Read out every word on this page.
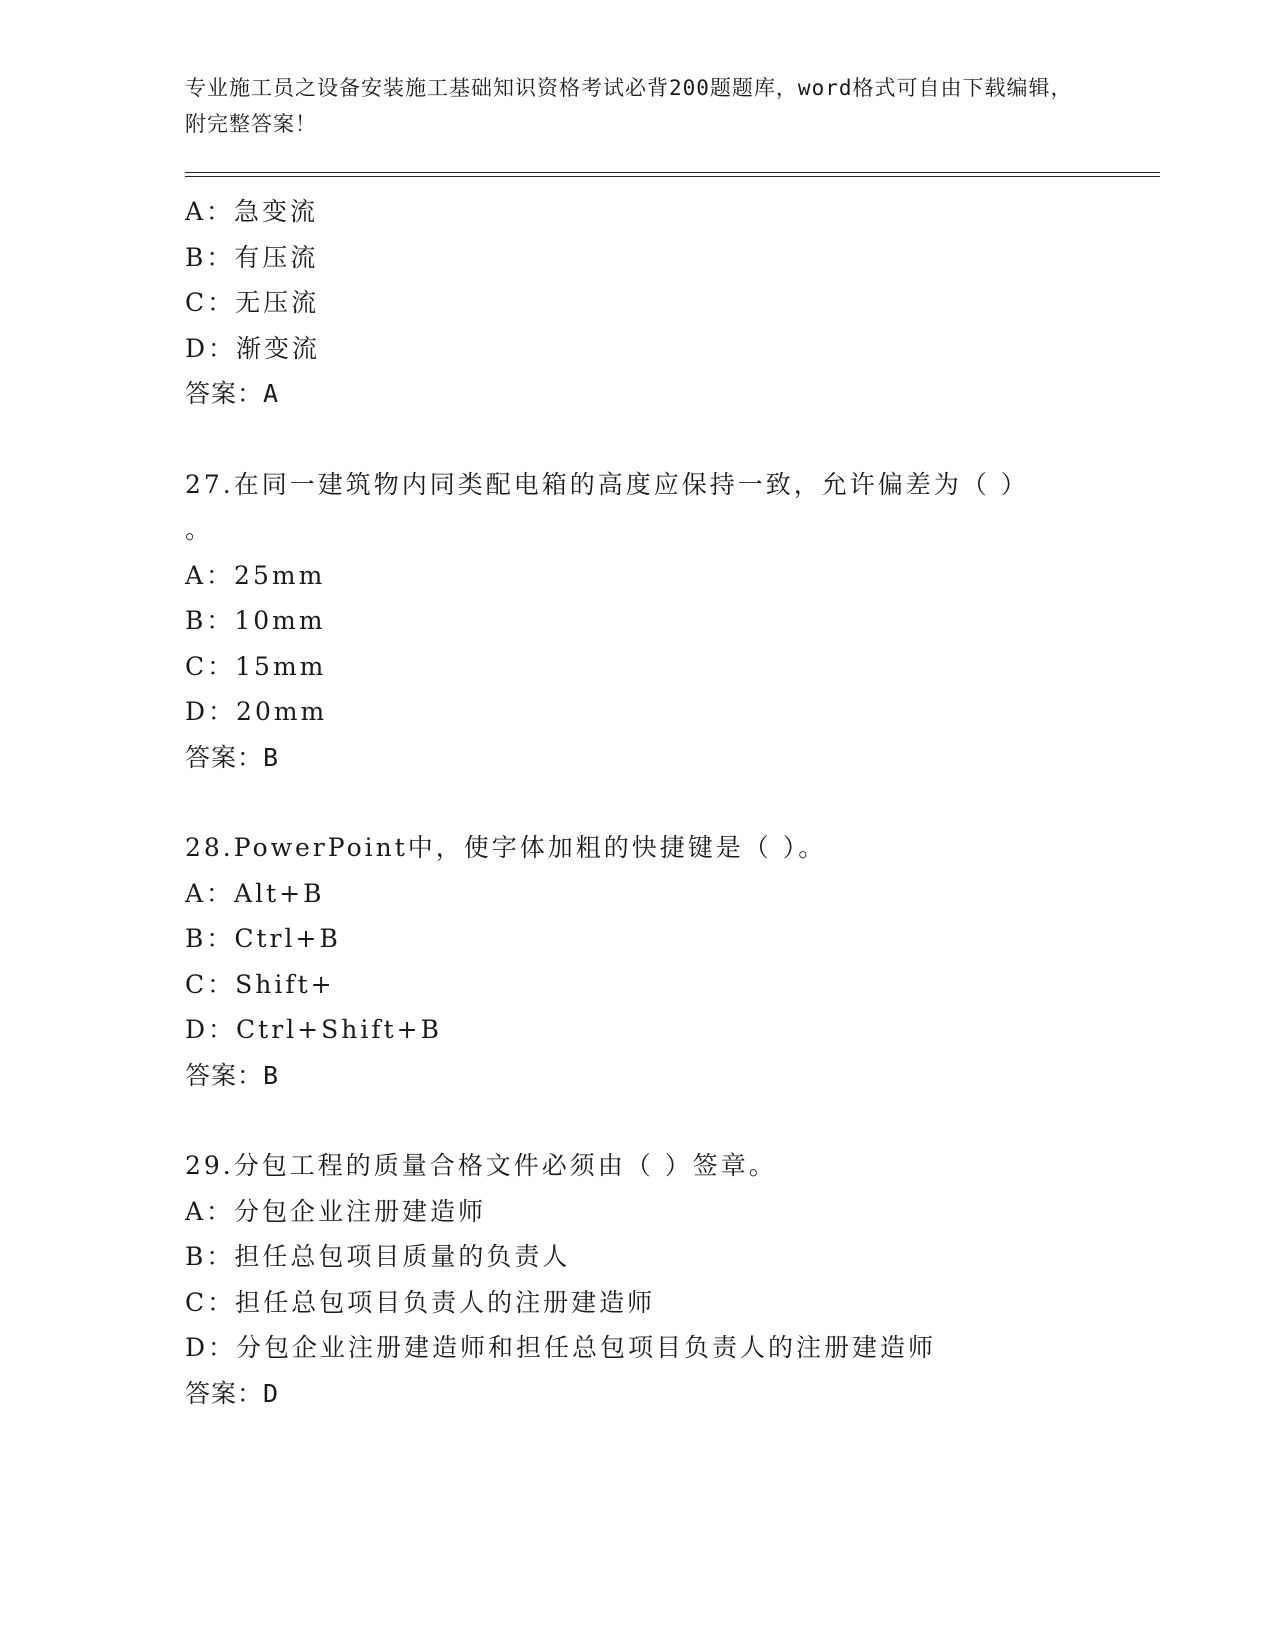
专业施工员之设备安装施工基础知识资格考试必背200题题库，word格式可自由下载编辑，附完整答案！
A：急变流
B：有压流
C：无压流
D：渐变流
答案：A
27.在同一建筑物内同类配电箱的高度应保持一致，允许偏差为（ ）
。
A：25mm
B：10mm
C：15mm
D：20mm
答案：B
28.PowerPoint中，使字体加粗的快捷键是（ ）。
A：Alt+B
B：Ctrl+B
C：Shift+
D：Ctrl+Shift+B
答案：B
29.分包工程的质量合格文件必须由（ ）签章。
A：分包企业注册建造师
B：担任总包项目质量的负责人
C：担任总包项目负责人的注册建造师
D：分包企业注册建造师和担任总包项目负责人的注册建造师
答案：D
